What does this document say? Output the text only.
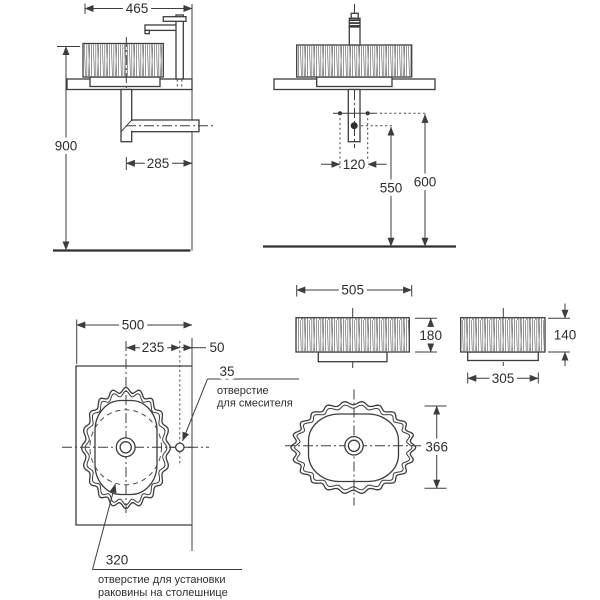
465
900
285	120
550 600
505
180	140
305
500
235	50
35
отверстие
для смесителя
320
отверстие для установки
раковины на столешнице
366
